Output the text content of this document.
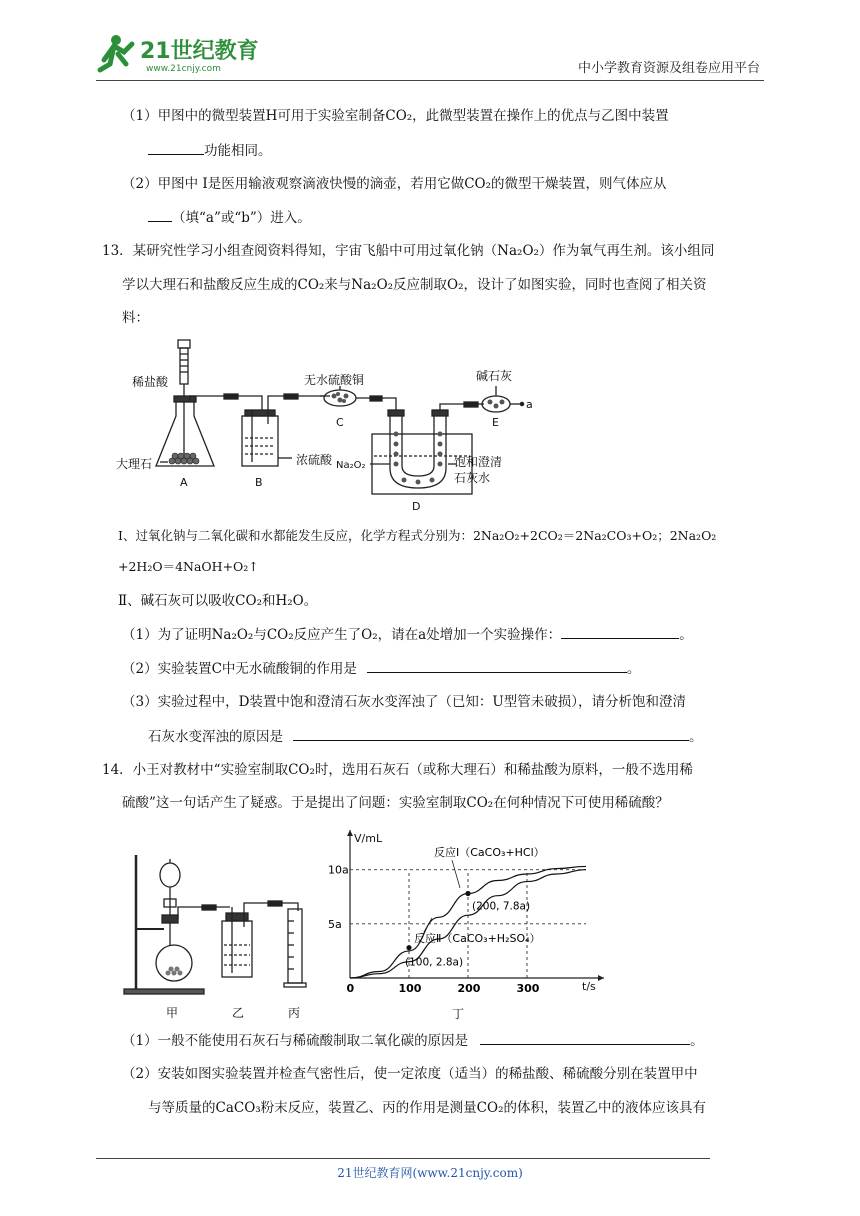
21世纪教育
www.21cnjy.com	中小学教育资源及组卷应用平台
（1）甲图中的微型装置H可用于实验室制备CO₂，此微型装置在操作上的优点与乙图中装置
功能相同。
（2）甲图中 I是医用输液观察滴液快慢的滴壶，若用它做CO₂的微型干燥装置，则气体应从
（填“a”或“b”）进入。
13．某研究性学习小组查阅资料得知，宇宙飞船中可用过氧化钠（Na₂O₂）作为氧气再生剂。该小组同
学以大理石和盐酸反应生成的CO₂来与Na₂O₂反应制取O₂，设计了如图实验，同时也查阅了相关资
料：
稀盐酸
大理石	浓硫酸
无水硫酸铜	碱石灰
Na₂O₂	饱和澄清
石灰水
a
A	B
C
D
E
Ⅰ、过氧化钠与二氧化碳和水都能发生反应，化学方程式分别为：2Na₂O₂+2CO₂＝2Na₂CO₃+O₂；2Na₂O₂
+2H₂O＝4NaOH+O₂↑
Ⅱ、碱石灰可以吸收CO₂和H₂O。
（1）为了证明Na₂O₂与CO₂反应产生了O₂，请在a处增加一个实验操作：	。
（2）实验装置C中无水硫酸铜的作用是	。
（3）实验过程中，D装置中饱和澄清石灰水变浑浊了（已知：U型管未破损），请分析饱和澄清
石灰水变浑浊的原因是	。
14．小王对教材中“实验室制取CO₂时，选用石灰石（或称大理石）和稀盐酸为原料，一般不选用稀
硫酸”这一句话产生了疑惑。于是提出了问题：实验室制取CO₂在何种情况下可使用稀硫酸？
甲	乙	丙
0	100	200	300
5a
10a
反应Ⅰ（CaCO₃+HCl）
反应Ⅱ（CaCO₃+H₂SO₄）
(200, 7.8a)
(100, 2.8a)
V/mL
t/s
丁
（1）一般不能使用石灰石与稀硫酸制取二氧化碳的原因是	。
（2）安装如图实验装置并检查气密性后，使一定浓度（适当）的稀盐酸、稀硫酸分别在装置甲中
与等质量的CaCO₃粉末反应，装置乙、丙的作用是测量CO₂的体积，装置乙中的液体应该具有
21世纪教育网(www.21cnjy.com)
